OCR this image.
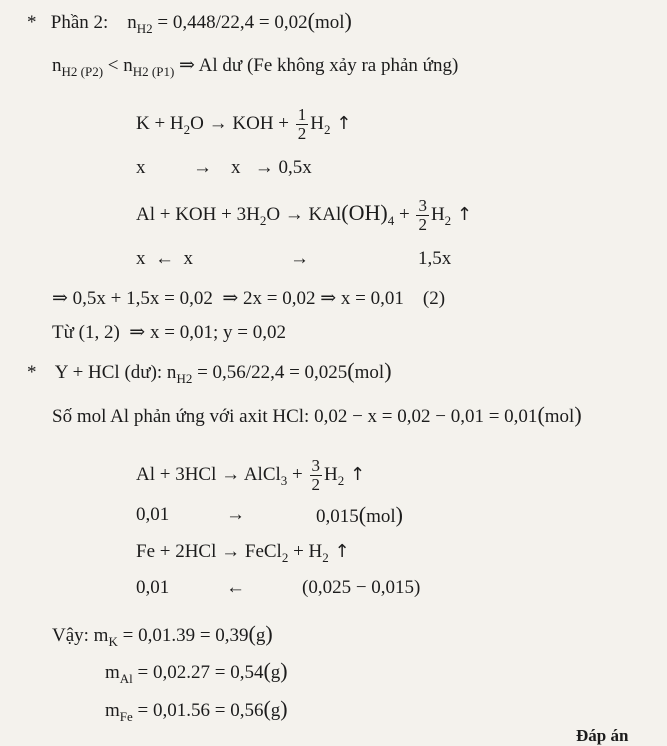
* Phần 2: $n_{H2} = 0,448/22,4 = 0,02(mol)$
$n_{H2 (P2)} < n_{H2 (P1)}$ ⇒ Al dư (Fe không xảy ra phản ứng)
$K + H_2O$ → KOH + $\frac{1}{2} H_2$ ↑
x          →    x   → 0,5x
Al + KOH + $3H_2O \to KAl(OH)_4 + \frac{3}{2} H_2$ ↑
x  ←  x	→	1,5x
⇒ 0,5x + 1,5x = 0,02  ⇒ 2x = 0,02 ⇒ x = 0,01    (2)
Từ (1, 2)  ⇒ x = 0,01; y = 0,02
* Y + HCl (dư): $n_{H2} = 0,56/22,4 = 0,025(mol)$
Số mol Al phản ứng với axit HCl: 0,02 − x = 0,02 − 0,01 = 0,01(mol)
Al + 3HCl → AlCl$_3$ + $\frac{3}{2} H_2$ ↑
0,01	→	0,015(mol)
Fe + 2HCl → FeCl$_2$ + $H_2$ ↑
0,01	←	(0,025 − 0,015)
Vậy: $m_K = 0,01.39 = 0,39(g)$
$m_{Al} = 0,02.27 = 0,54(g)$
$m_{Fe} = 0,01.56 = 0,56(g)$
Đáp án
